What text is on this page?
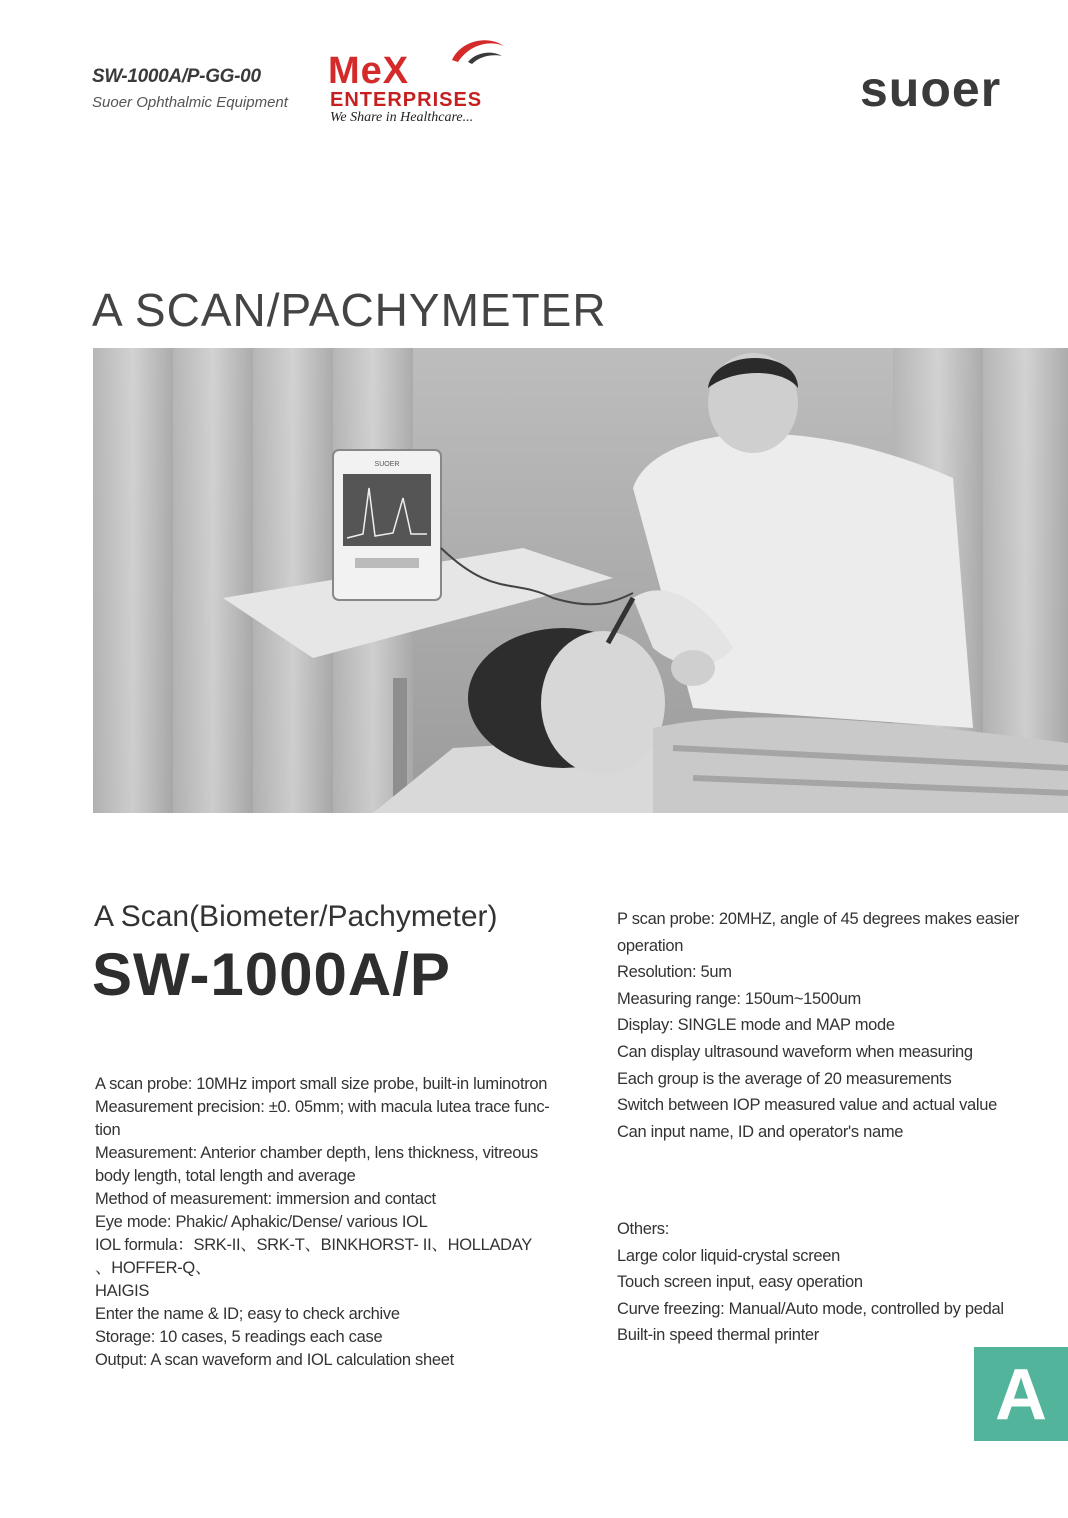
SW-1000A/P-GG-00
Suoer Ophthalmic Equipment
MeX
ENTERPRISES
We Share in Healthcare...
suoer
A SCAN/PACHYMETER
SUOER
A Scan(Biometer/Pachymeter)
SW-1000A/P
A scan probe: 10MHz import small size probe, built-in luminotron
Measurement precision: ±0. 05mm; with macula lutea trace func-
tion
Measurement: Anterior chamber depth, lens thickness, vitreous
body length, total length and average
Method of measurement: immersion and contact
Eye mode: Phakic/ Aphakic/Dense/ various IOL
IOL formula：SRK-II、SRK-T、BINKHORST- II、HOLLADAY
、HOFFER-Q、
HAIGIS
Enter the name & ID; easy to check archive
Storage: 10 cases, 5 readings each case
Output: A scan waveform and IOL calculation sheet
P scan probe: 20MHZ, angle of 45 degrees makes easier
operation
Resolution: 5um
Measuring range: 150um~1500um
Display: SINGLE mode and MAP mode
Can display ultrasound waveform when measuring
Each group is the average of 20 measurements
Switch between IOP measured value and actual value
Can input name, ID and operator's name
Others:
Large color liquid-crystal screen
Touch screen input, easy operation
Curve freezing: Manual/Auto mode, controlled by pedal
Built-in speed thermal printer
A
